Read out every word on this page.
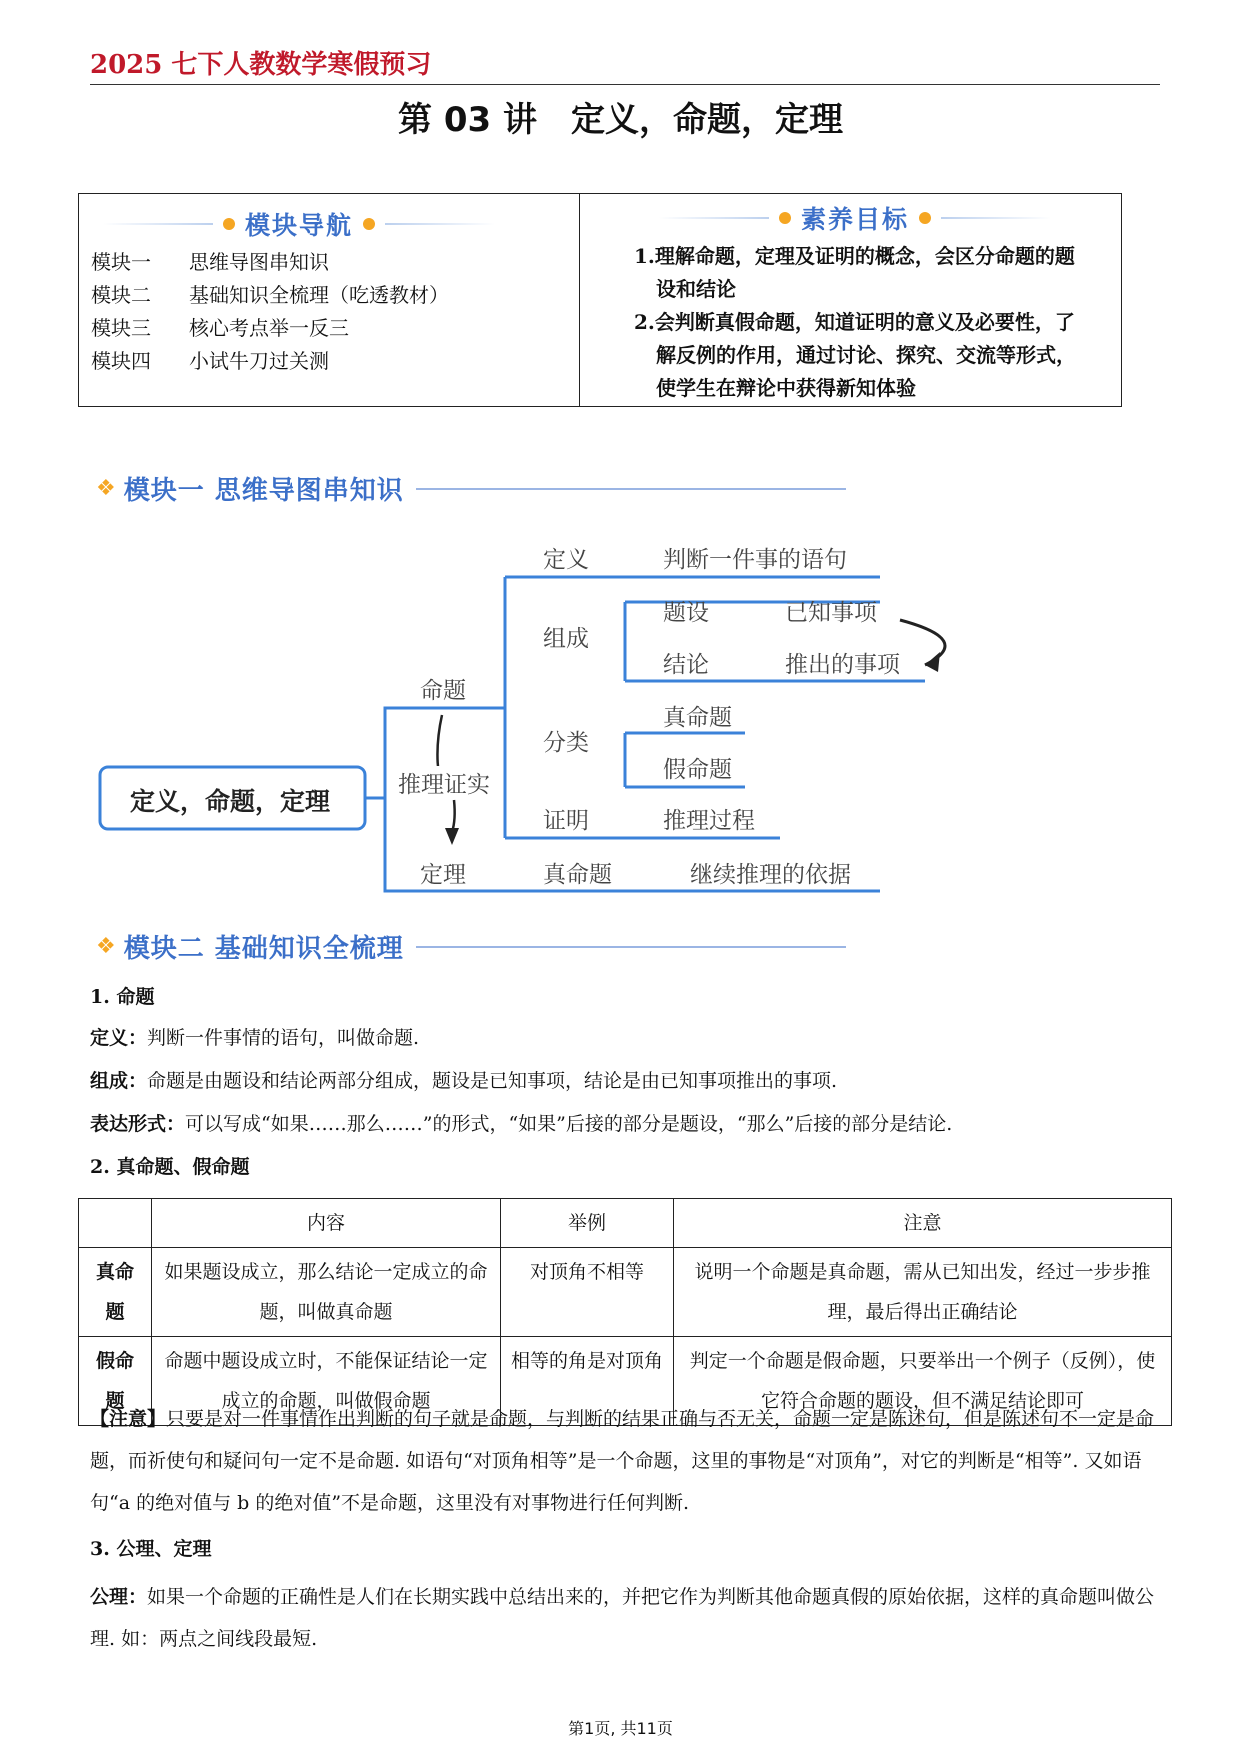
2025 七下人教数学寒假预习
第 03 讲　定义，命题，定理
模块导航
模块一	思维导图串知识
模块二	基础知识全梳理（吃透教材）
模块三	核心考点举一反三
模块四	小试牛刀过关测
素养目标
1.理解命题，定理及证明的概念，会区分命题的题
设和结论
2.会判断真假命题，知道证明的意义及必要性，了
解反例的作用，通过讨论、探究、交流等形式，
使学生在辩论中获得新知体验
❖ 模块一 思维导图串知识
定义，命题，定理
命题
推理证实
定理
定义	判断一件事的语句
组成
题设	已知事项
结论	推出的事项
分类
真命题
假命题
证明	推理过程
真命题	继续推理的依据
❖ 模块二 基础知识全梳理
1. 命题
定义：判断一件事情的语句，叫做命题.
组成：命题是由题设和结论两部分组成，题设是已知事项，结论是由已知事项推出的事项.
表达形式：可以写成“如果……那么……”的形式，“如果”后接的部分是题设，“那么”后接的部分是结论.
2. 真命题、假命题
	内容	举例	注意
真命题	如果题设成立，那么结论一定成立的命题，叫做真命题	对顶角不相等	说明一个命题是真命题，需从已知出发，经过一步步推理，最后得出正确结论
假命题	命题中题设成立时，不能保证结论一定成立的命题，叫做假命题	相等的角是对顶角	判定一个命题是假命题，只要举出一个例子（反例），使它符合命题的题设，但不满足结论即可
【注意】只要是对一件事情作出判断的句子就是命题，与判断的结果正确与否无关，命题一定是陈述句，但是陈述句不一定是命题，而祈使句和疑问句一定不是命题. 如语句“对顶角相等”是一个命题，这里的事物是“对顶角”，对它的判断是“相等”. 又如语句“a 的绝对值与 b 的绝对值”不是命题，这里没有对事物进行任何判断.
3. 公理、定理
公理：如果一个命题的正确性是人们在长期实践中总结出来的，并把它作为判断其他命题真假的原始依据，这样的真命题叫做公理. 如：两点之间线段最短.
第1页, 共11页
